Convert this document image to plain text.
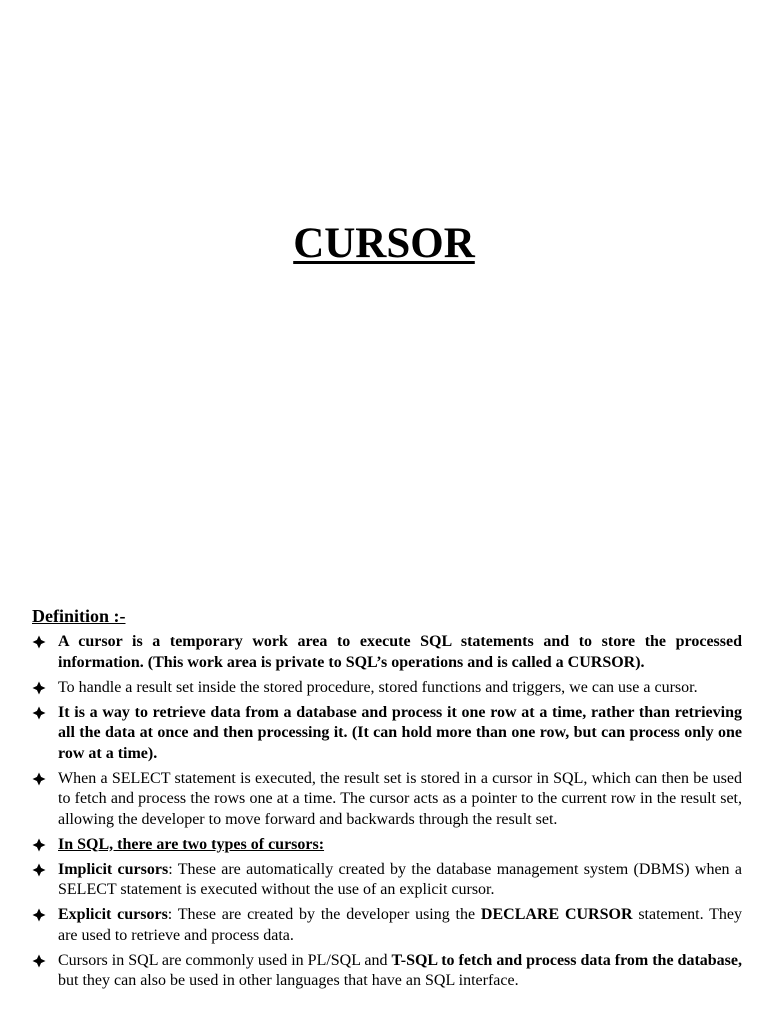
CURSOR
Definition :-
A cursor is a temporary work area to execute SQL statements and to store the processed information. (This work area is private to SQL’s operations and is called a CURSOR).
To handle a result set inside the stored procedure, stored functions and triggers, we can use a cursor.
It is a way to retrieve data from a database and process it one row at a time, rather than retrieving all the data at once and then processing it. (It can hold more than one row, but can process only one row at a time).
When a SELECT statement is executed, the result set is stored in a cursor in SQL, which can then be used to fetch and process the rows one at a time. The cursor acts as a pointer to the current row in the result set, allowing the developer to move forward and backwards through the result set.
In SQL, there are two types of cursors:
Implicit cursors: These are automatically created by the database management system (DBMS) when a SELECT statement is executed without the use of an explicit cursor.
Explicit cursors: These are created by the developer using the DECLARE CURSOR statement. They are used to retrieve and process data.
Cursors in SQL are commonly used in PL/SQL and T-SQL to fetch and process data from the database, but they can also be used in other languages that have an SQL interface.
